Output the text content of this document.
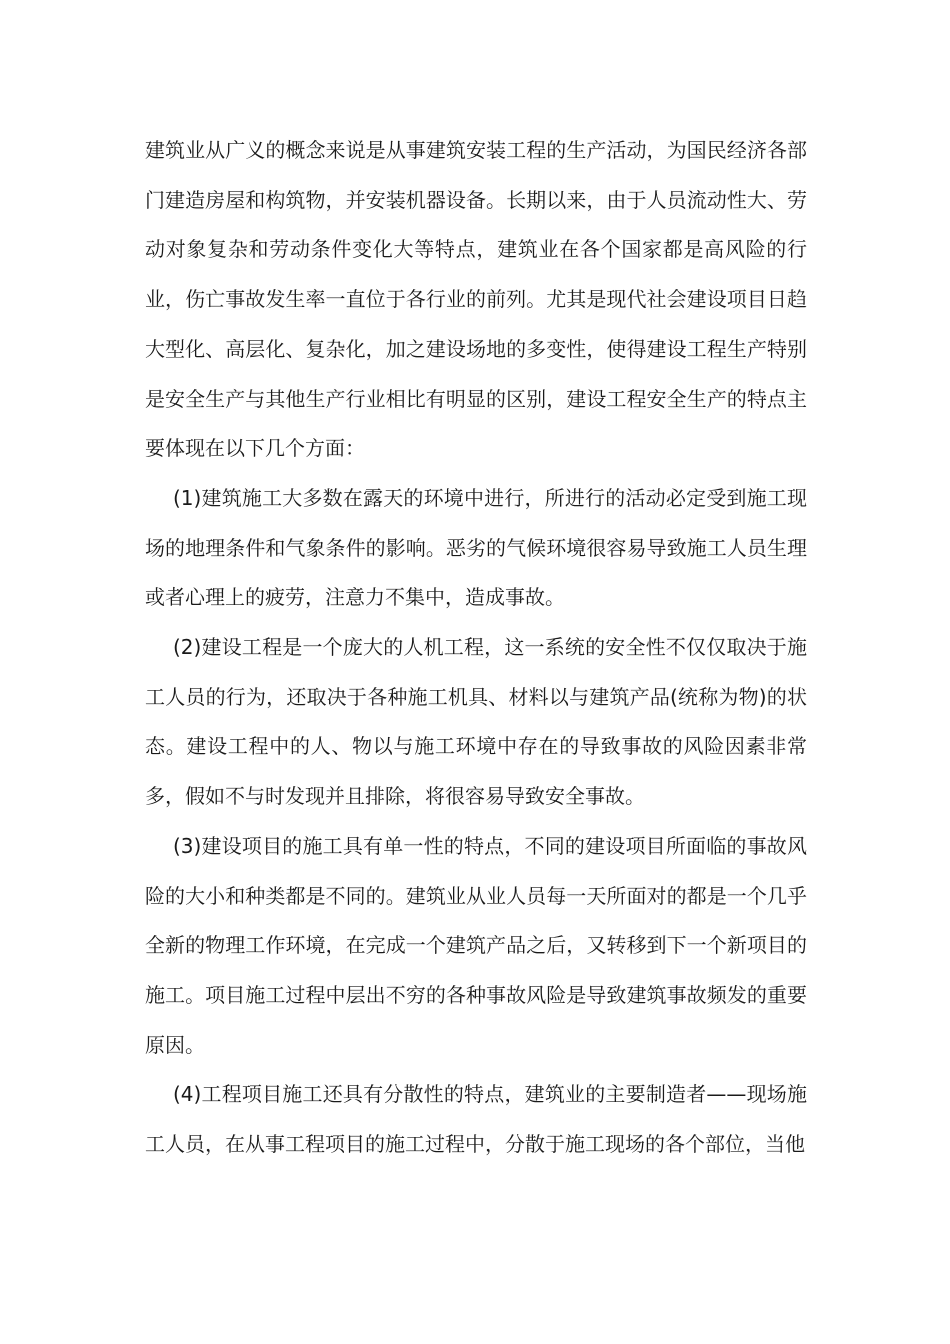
建筑业从广义的概念来说是从事建筑安装工程的生产活动，为国民经济各部门建造房屋和构筑物，并安装机器设备。长期以来，由于人员流动性大、劳动对象复杂和劳动条件变化大等特点，建筑业在各个国家都是高风险的行业，伤亡事故发生率一直位于各行业的前列。尤其是现代社会建设项目日趋大型化、高层化、复杂化，加之建设场地的多变性，使得建设工程生产特别是安全生产与其他生产行业相比有明显的区别，建设工程安全生产的特点主要体现在以下几个方面：

(1)建筑施工大多数在露天的环境中进行，所进行的活动必定受到施工现场的地理条件和气象条件的影响。恶劣的气候环境很容易导致施工人员生理或者心理上的疲劳，注意力不集中，造成事故。

(2)建设工程是一个庞大的人机工程，这一系统的安全性不仅仅取决于施工人员的行为，还取决于各种施工机具、材料以与建筑产品(统称为物)的状态。建设工程中的人、物以与施工环境中存在的导致事故的风险因素非常多，假如不与时发现并且排除，将很容易导致安全事故。

(3)建设项目的施工具有单一性的特点，不同的建设项目所面临的事故风险的大小和种类都是不同的。建筑业从业人员每一天所面对的都是一个几乎全新的物理工作环境，在完成一个建筑产品之后，又转移到下一个新项目的施工。项目施工过程中层出不穷的各种事故风险是导致建筑事故频发的重要原因。

(4)工程项目施工还具有分散性的特点，建筑业的主要制造者——现场施工人员，在从事工程项目的施工过程中，分散于施工现场的各个部位，当他
